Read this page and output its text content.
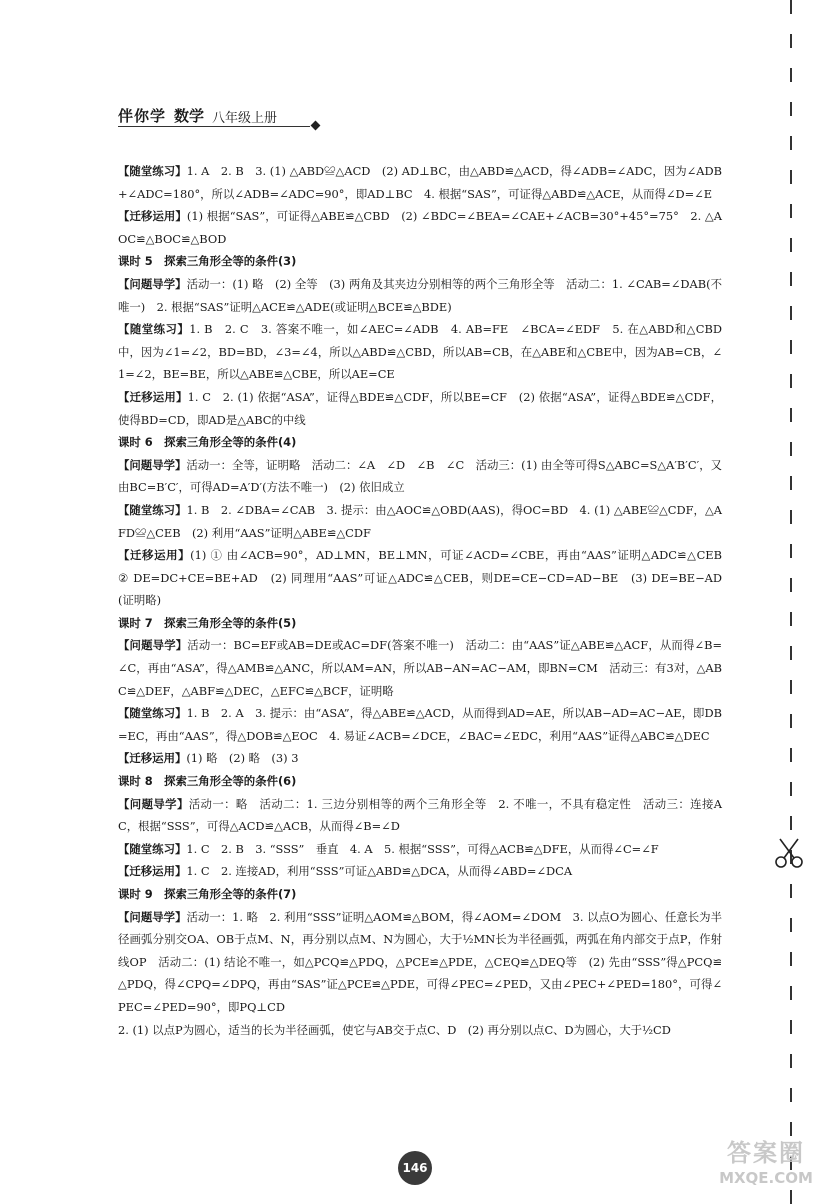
伴你学 数学 八年级上册

【随堂练习】1. A　2. B　3. (1) △ABD≌△ACD　(2) AD⊥BC，由△ABD≌△ACD，得∠ADB=∠ADC，因为∠ADB+∠ADC=180°，所以∠ADB=∠ADC=90°，即AD⊥BC　4. 根据“SAS”，可证得△ABD≌△ACE，从而得∠D=∠E

【迁移运用】(1) 根据“SAS”，可证得△ABE≌△CBD　(2) ∠BDC=∠BEA=∠CAE+∠ACB=30°+45°=75°　2. △AOC≌△BOC≌△BOD

课时 5　探索三角形全等的条件(3)

【问题导学】活动一：(1) 略　(2) 全等　(3) 两角及其夹边分别相等的两个三角形全等　活动二：1. ∠CAB=∠DAB(不唯一)　2. 根据“SAS”证明△ACE≌△ADE(或证明△BCE≌△BDE)

【随堂练习】1. B　2. C　3. 答案不唯一，如∠AEC=∠ADB　4. AB=FE　∠BCA=∠EDF　5. 在△ABD和△CBD中，因为∠1=∠2，BD=BD，∠3=∠4，所以△ABD≌△CBD，所以AB=CB，在△ABE和△CBE中，因为AB=CB，∠1=∠2，BE=BE，所以△ABE≌△CBE，所以AE=CE

【迁移运用】1. C　2. (1) 依据“ASA”，证得△BDE≌△CDF，所以BE=CF　(2) 依据“ASA”，证得△BDE≌△CDF，使得BD=CD，即AD是△ABC的中线

课时 6　探索三角形全等的条件(4)

【问题导学】活动一：全等，证明略　活动二：∠A　∠D　∠B　∠C　活动三：(1) 由全等可得S△ABC=S△A′B′C′，又由BC=B′C′，可得AD=A′D′(方法不唯一)　(2) 依旧成立

【随堂练习】1. B　2. ∠DBA=∠CAB　3. 提示：由△AOC≌△OBD(AAS)，得OC=BD　4. (1) △ABE≌△CDF，△AFD≌△CEB　(2) 利用“AAS”证明△ABE≌△CDF

【迁移运用】(1) ① 由∠ACB=90°，AD⊥MN，BE⊥MN，可证∠ACD=∠CBE，再由“AAS”证明△ADC≌△CEB　② DE=DC+CE=BE+AD　(2) 同理用“AAS”可证△ADC≌△CEB，则DE=CE−CD=AD−BE　(3) DE=BE−AD(证明略)

课时 7　探索三角形全等的条件(5)

【问题导学】活动一：BC=EF或AB=DE或AC=DF(答案不唯一)　活动二：由“AAS”证△ABE≌△ACF，从而得∠B=∠C，再由“ASA”，得△AMB≌△ANC，所以AM=AN，所以AB−AN=AC−AM，即BN=CM　活动三：有3对，△ABC≌△DEF，△ABF≌△DEC，△EFC≌△BCF，证明略

【随堂练习】1. B　2. A　3. 提示：由“ASA”，得△ABE≌△ACD，从而得到AD=AE，所以AB−AD=AC−AE，即DB=EC，再由“AAS”，得△DOB≌△EOC　4. 易证∠ACB=∠DCE，∠BAC=∠EDC，利用“AAS”证得△ABC≌△DEC

【迁移运用】(1) 略　(2) 略　(3) 3

课时 8　探索三角形全等的条件(6)

【问题导学】活动一：略　活动二：1. 三边分别相等的两个三角形全等　2. 不唯一，不具有稳定性　活动三：连接AC，根据“SSS”，可得△ACD≌△ACB，从而得∠B=∠D

【随堂练习】1. C　2. B　3. “SSS”　垂直　4. A　5. 根据“SSS”，可得△ACB≌△DFE，从而得∠C=∠F

【迁移运用】1. C　2. 连接AD，利用“SSS”可证△ABD≌△DCA，从而得∠ABD=∠DCA

课时 9　探索三角形全等的条件(7)

【问题导学】活动一：1. 略　2. 利用“SSS”证明△AOM≌△BOM，得∠AOM=∠DOM　3. 以点O为圆心、任意长为半径画弧分别交OA、OB于点M、N，再分别以点M、N为圆心，大于½MN长为半径画弧，两弧在角内部交于点P，作射线OP　活动二：(1) 结论不唯一，如△PCQ≌△PDQ，△PCE≌△PDE，△CEQ≌△DEQ等　(2) 先由“SSS”得△PCQ≌△PDQ，得∠CPQ=∠DPQ，再由“SAS”证△PCE≌△PDE，可得∠PEC=∠PED，又由∠PEC+∠PED=180°，可得∠PEC=∠PED=90°，即PQ⊥CD

2. (1) 以点P为圆心，适当的长为半径画弧，使它与AB交于点C、D　(2) 再分别以点C、D为圆心，大于½CD

146
答案圈
MXQE.COM
